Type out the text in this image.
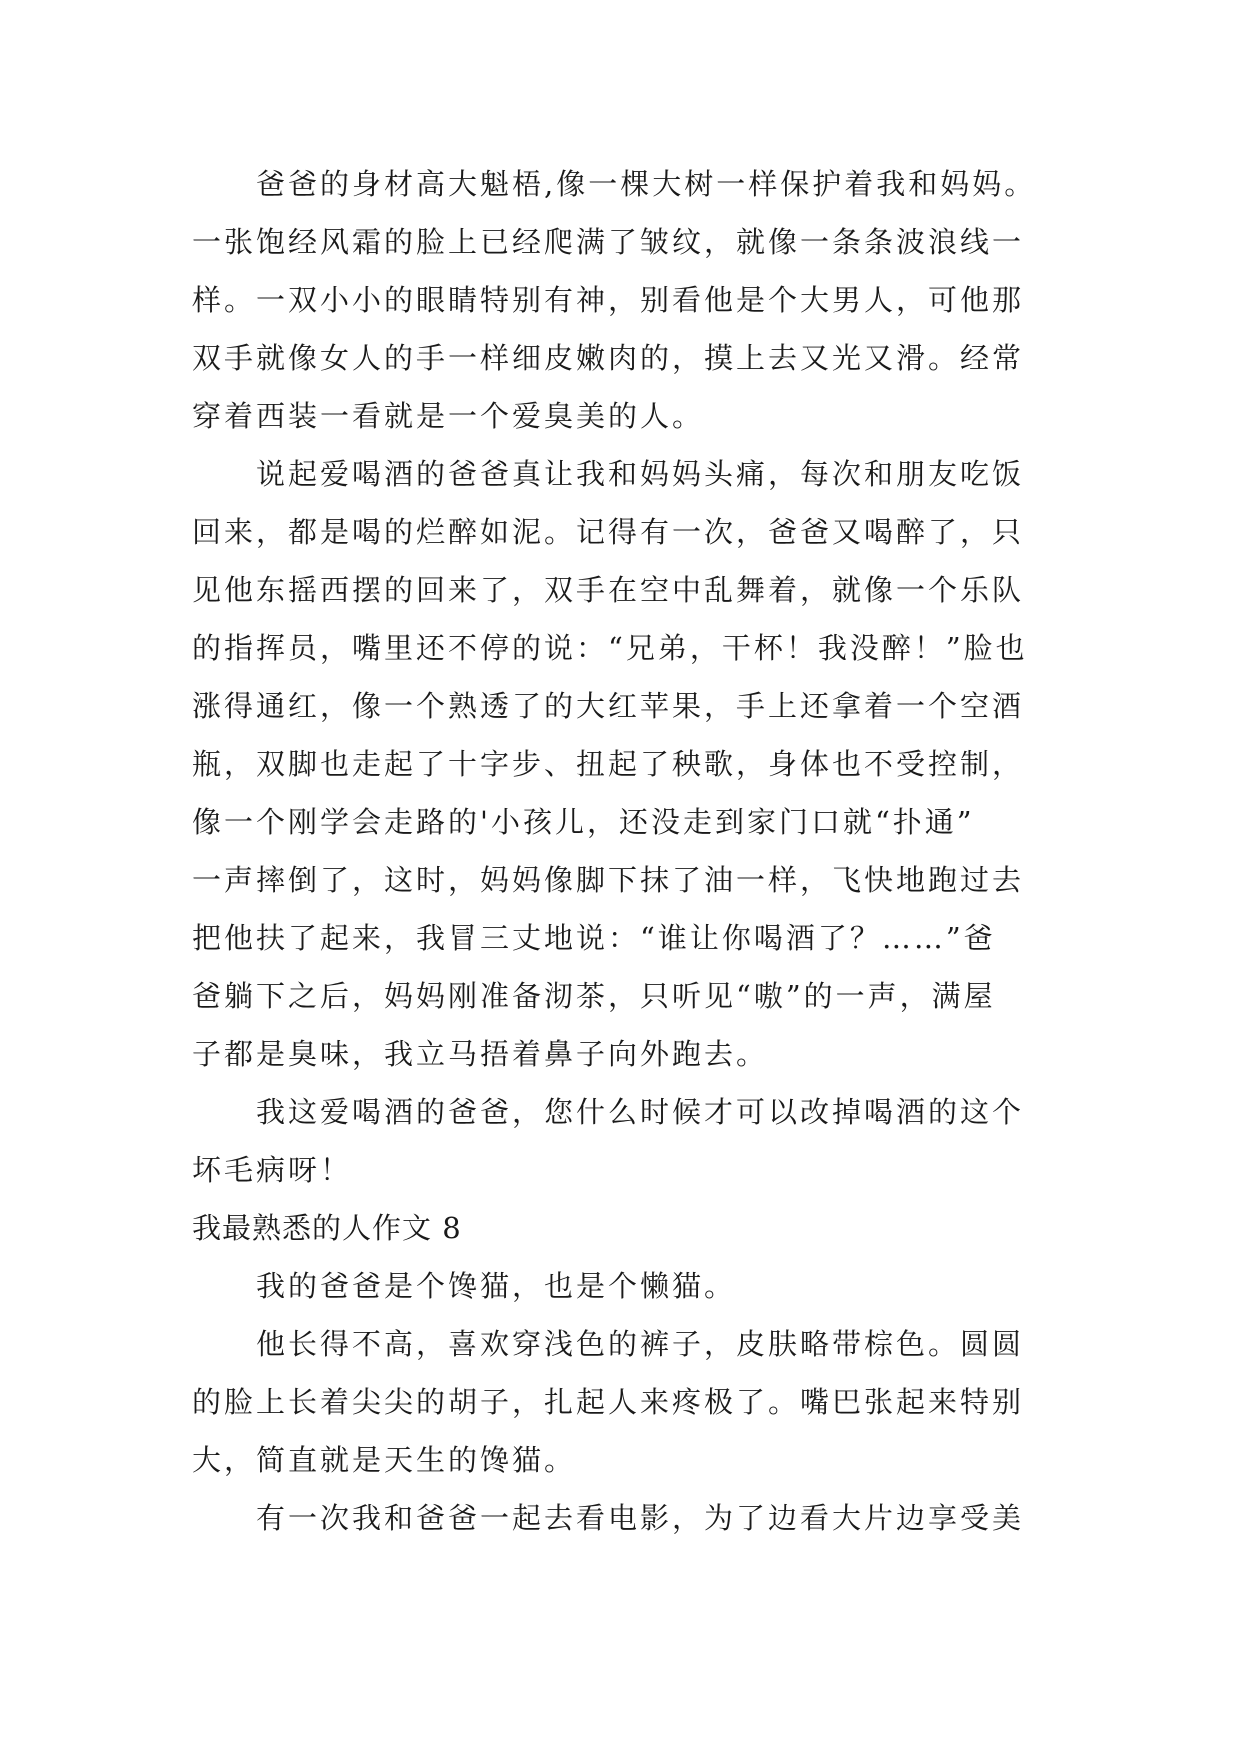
爸爸的身材高大魁梧,像一棵大树一样保护着我和妈妈。
一张饱经风霜的脸上已经爬满了皱纹，就像一条条波浪线一
样。一双小小的眼睛特别有神，别看他是个大男人，可他那
双手就像女人的手一样细皮嫩肉的，摸上去又光又滑。经常
穿着西装一看就是一个爱臭美的人。

说起爱喝酒的爸爸真让我和妈妈头痛，每次和朋友吃饭
回来，都是喝的烂醉如泥。记得有一次，爸爸又喝醉了，只
见他东摇西摆的回来了，双手在空中乱舞着，就像一个乐队
的指挥员，嘴里还不停的说：“兄弟，干杯！我没醉！”脸也
涨得通红，像一个熟透了的大红苹果，手上还拿着一个空酒
瓶，双脚也走起了十字步、扭起了秧歌，身体也不受控制，
像一个刚学会走路的'小孩儿，还没走到家门口就“扑通”
一声摔倒了，这时，妈妈像脚下抹了油一样，飞快地跑过去
把他扶了起来，我冒三丈地说：“谁让你喝酒了？……”爸
爸躺下之后，妈妈刚准备沏茶，只听见“嗷”的一声，满屋
子都是臭味，我立马捂着鼻子向外跑去。

我这爱喝酒的爸爸，您什么时候才可以改掉喝酒的这个
坏毛病呀！

我最熟悉的人作文 8

我的爸爸是个馋猫，也是个懒猫。

他长得不高，喜欢穿浅色的裤子，皮肤略带棕色。圆圆
的脸上长着尖尖的胡子，扎起人来疼极了。嘴巴张起来特别
大，简直就是天生的馋猫。

有一次我和爸爸一起去看电影，为了边看大片边享受美
